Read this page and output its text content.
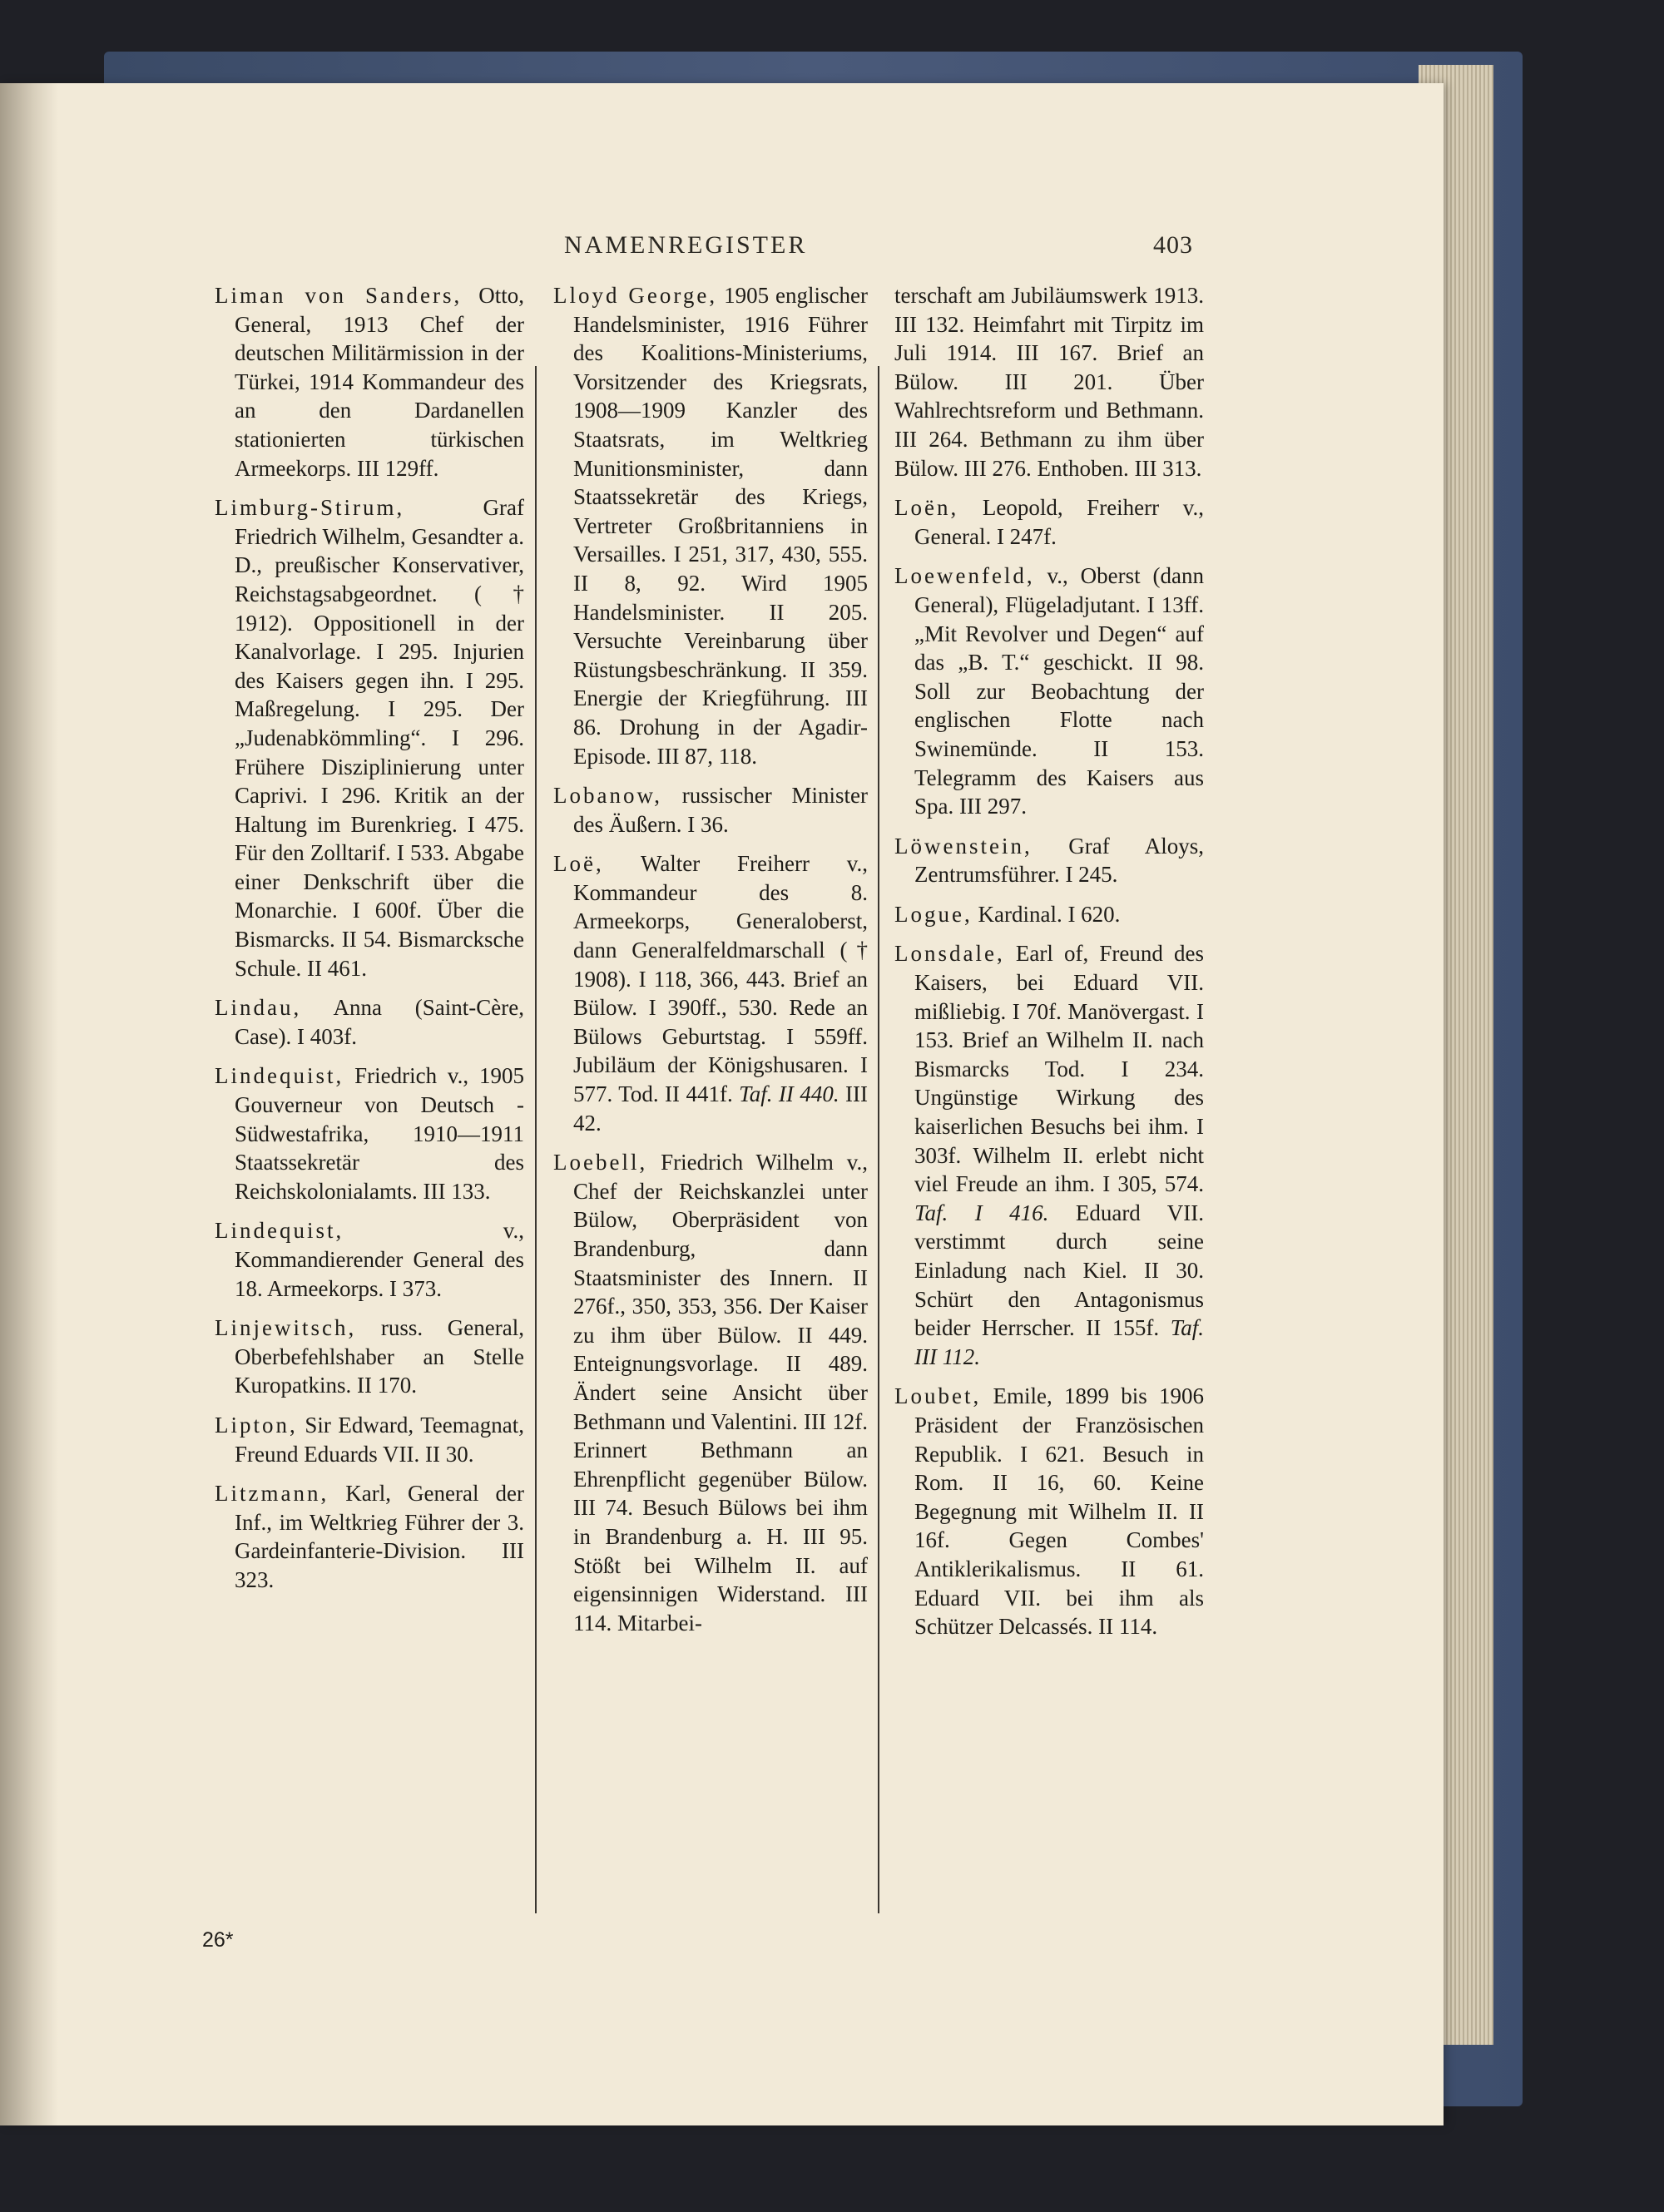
NAMENREGISTER	403

Liman von Sanders, Otto, General, 1913 Chef der deutschen Militärmission in der Türkei, 1914 Kommandeur des an den Dardanellen stationierten türkischen Armeekorps. III 129ff.

Limburg-Stirum, Graf Friedrich Wilhelm, Gesandter a. D., preußischer Konservativer, Reichstagsabgeordnet. († 1912). Oppositionell in der Kanalvorlage. I 295. Injurien des Kaisers gegen ihn. I 295. Maßregelung. I 295. Der „Judenabkömmling“. I 296. Frühere Disziplinierung unter Caprivi. I 296. Kritik an der Haltung im Burenkrieg. I 475. Für den Zolltarif. I 533. Abgabe einer Denkschrift über die Monarchie. I 600f. Über die Bismarcks. II 54. Bismarcksche Schule. II 461.

Lindau, Anna (Saint-Cère, Case). I 403f.

Lindequist, Friedrich v., 1905 Gouverneur von Deutsch - Südwestafrika, 1910—1911 Staatssekretär des Reichskolonialamts. III 133.

Lindequist, v., Kommandierender General des 18. Armeekorps. I 373.

Linjewitsch, russ. General, Oberbefehlshaber an Stelle Kuropatkins. II 170.

Lipton, Sir Edward, Teemagnat, Freund Eduards VII. II 30.

Litzmann, Karl, General der Inf., im Weltkrieg Führer der 3. Gardeinfanterie-Division. III 323.

Lloyd George, 1905 englischer Handelsminister, 1916 Führer des Koalitions-Ministeriums, Vorsitzender des Kriegsrats, 1908—1909 Kanzler des Staatsrats, im Weltkrieg Munitionsminister, dann Staatssekretär des Kriegs, Vertreter Großbritanniens in Versailles. I 251, 317, 430, 555. II 8, 92. Wird 1905 Handelsminister. II 205. Versuchte Vereinbarung über Rüstungsbeschränkung. II 359. Energie der Kriegführung. III 86. Drohung in der Agadir-Episode. III 87, 118.

Lobanow, russischer Minister des Äußern. I 36.

Loë, Walter Freiherr v., Kommandeur des 8. Armeekorps, Generaloberst, dann Generalfeldmarschall († 1908). I 118, 366, 443. Brief an Bülow. I 390ff., 530. Rede an Bülows Geburtstag. I 559ff. Jubiläum der Königshusaren. I 577. Tod. II 441f. Taf. II 440. III 42.

Loebell, Friedrich Wilhelm v., Chef der Reichskanzlei unter Bülow, Oberpräsident von Brandenburg, dann Staatsminister des Innern. II 276f., 350, 353, 356. Der Kaiser zu ihm über Bülow. II 449. Enteignungsvorlage. II 489. Ändert seine Ansicht über Bethmann und Valentini. III 12f. Erinnert Bethmann an Ehrenpflicht gegenüber Bülow. III 74. Besuch Bülows bei ihm in Brandenburg a. H. III 95. Stößt bei Wilhelm II. auf eigensinnigen Widerstand. III 114. Mitarbei-

terschaft am Jubiläumswerk 1913. III 132. Heimfahrt mit Tirpitz im Juli 1914. III 167. Brief an Bülow. III 201. Über Wahlrechtsreform und Bethmann. III 264. Bethmann zu ihm über Bülow. III 276. Enthoben. III 313.

Loën, Leopold, Freiherr v., General. I 247f.

Loewenfeld, v., Oberst (dann General), Flügeladjutant. I 13ff. „Mit Revolver und Degen“ auf das „B. T.“ geschickt. II 98. Soll zur Beobachtung der englischen Flotte nach Swinemünde. II 153. Telegramm des Kaisers aus Spa. III 297.

Löwenstein, Graf Aloys, Zentrumsführer. I 245.

Logue, Kardinal. I 620.

Lonsdale, Earl of, Freund des Kaisers, bei Eduard VII. mißliebig. I 70f. Manövergast. I 153. Brief an Wilhelm II. nach Bismarcks Tod. I 234. Ungünstige Wirkung des kaiserlichen Besuchs bei ihm. I 303f. Wilhelm II. erlebt nicht viel Freude an ihm. I 305, 574. Taf. I 416. Eduard VII. verstimmt durch seine Einladung nach Kiel. II 30. Schürt den Antagonismus beider Herrscher. II 155f. Taf. III 112.

Loubet, Emile, 1899 bis 1906 Präsident der Französischen Republik. I 621. Besuch in Rom. II 16, 60. Keine Begegnung mit Wilhelm II. II 16f. Gegen Combes' Antiklerikalismus. II 61. Eduard VII. bei ihm als Schützer Delcassés. II 114.

26*
